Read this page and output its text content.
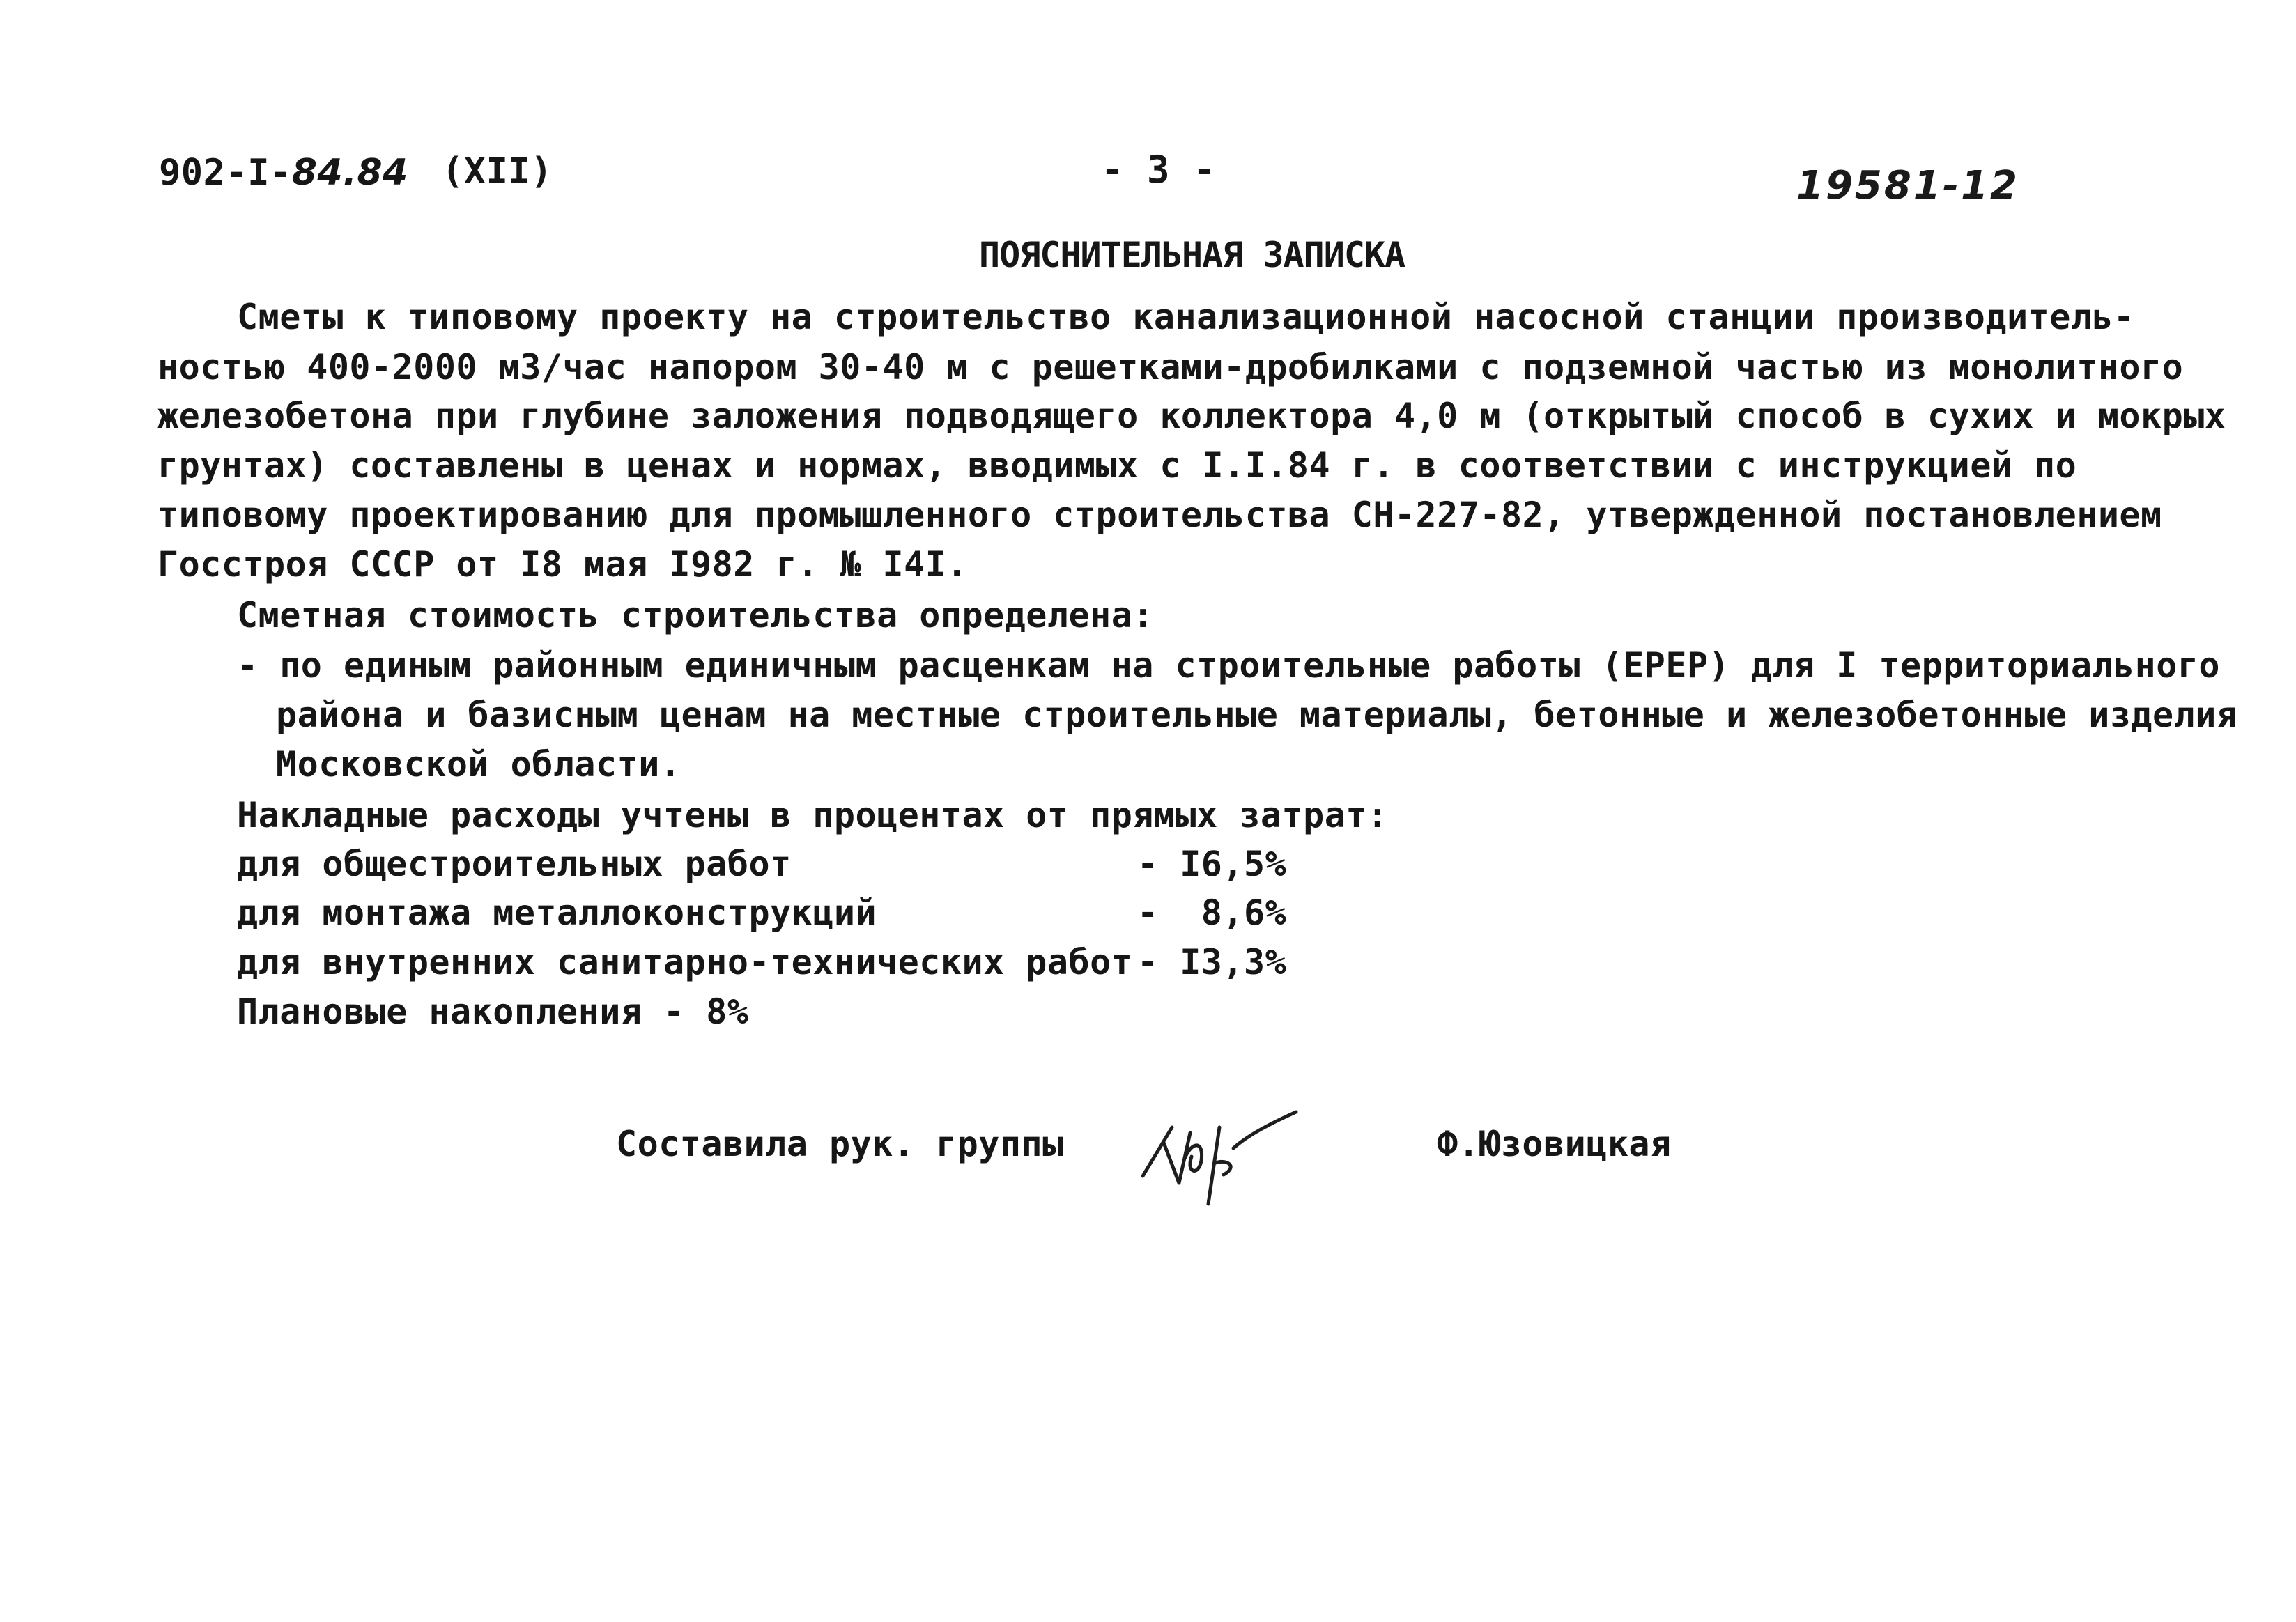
902-I-84.84 (XII)	- 3 -	19581-12
ПОЯСНИТЕЛЬНАЯ ЗАПИСКА
Сметы к типовому проекту на строительство канализационной насосной станции производитель-
ностью 400-2000 м3/час напором 30-40 м с решетками-дробилками с подземной частью из монолитного
железобетона при глубине заложения подводящего коллектора 4,0 м (открытый способ в сухих и мокрых
грунтах) составлены в ценах и нормах, вводимых с I.I.84 г. в соответствии с инструкцией по
типовому проектированию для промышленного строительства СН-227-82, утвержденной постановлением
Госстроя СССР от I8 мая I982 г. № I4I.
Сметная стоимость строительства определена:
- по единым районным единичным расценкам на строительные работы (ЕРЕР) для I территориального
района и базисным ценам на местные строительные материалы, бетонные и железобетонные изделия
Московской области.
Накладные расходы учтены в процентах от прямых затрат:
для общестроительных работ	- I6,5%
для монтажа металлоконструкций	-  8,6%
для внутренних санитарно-технических работ - I3,3%
Плановые накопления - 8%
Составила рук. группы	Ф.Юзовицкая
